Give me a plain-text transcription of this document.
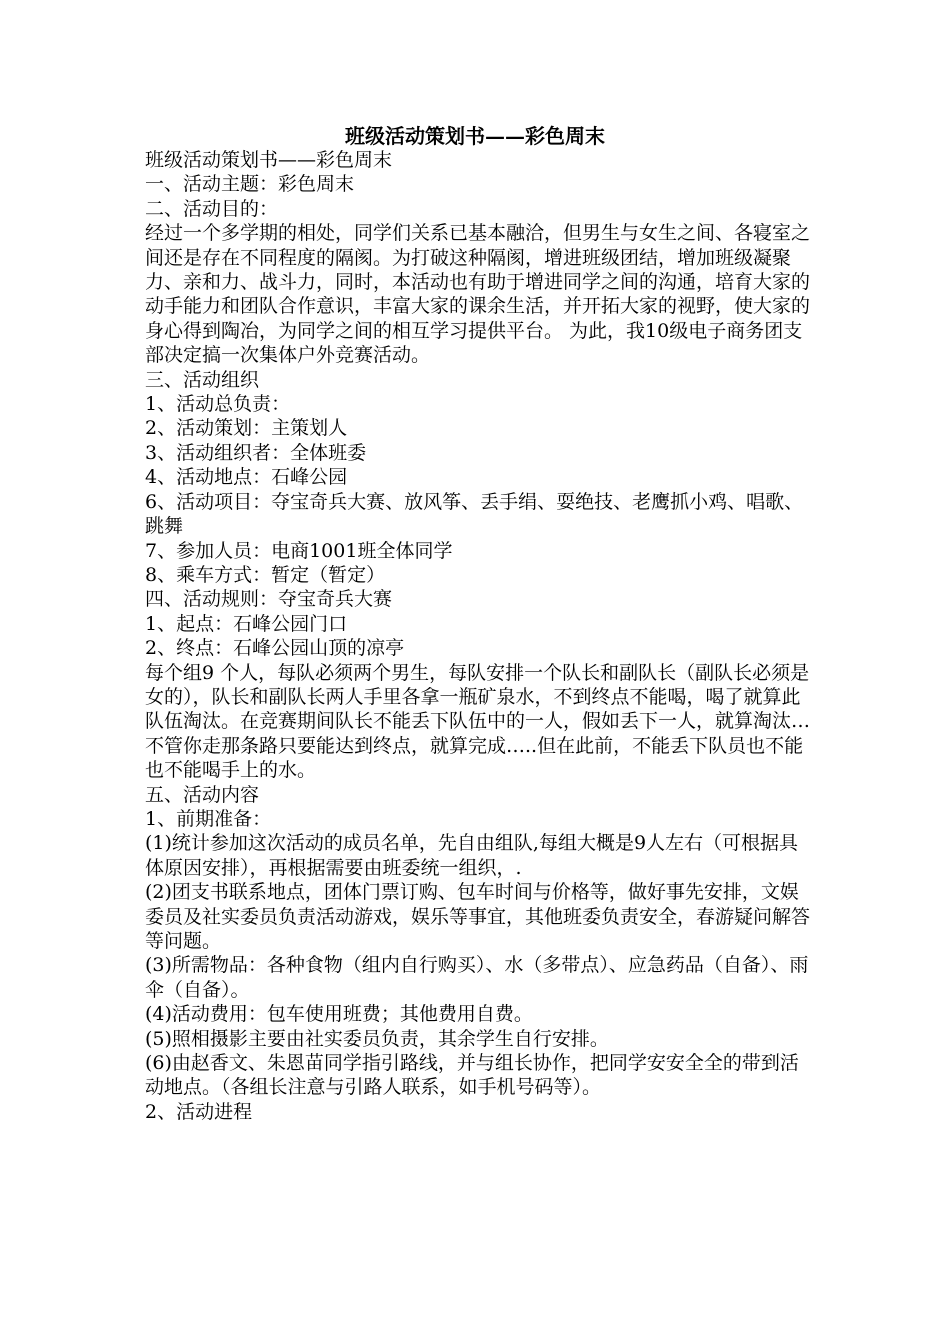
班级活动策划书——彩色周末

班级活动策划书——彩色周末

一、活动主题：彩色周末

二、活动目的：

经过一个多学期的相处，同学们关系已基本融洽，但男生与女生之间、各寝室之间还是存在不同程度的隔阂。为打破这种隔阂，增进班级团结，增加班级凝聚力、亲和力、战斗力，同时，本活动也有助于增进同学之间的沟通，培育大家的动手能力和团队合作意识，丰富大家的课余生活，并开拓大家的视野，使大家的身心得到陶冶，为同学之间的相互学习提供平台。 为此，我10级电子商务团支部决定搞一次集体户外竞赛活动。

三、活动组织

1、活动总负责：

2、活动策划：主策划人

3、活动组织者：全体班委

4、活动地点：石峰公园

6、活动项目：夺宝奇兵大赛、放风筝、丢手绢、耍绝技、老鹰抓小鸡、唱歌、跳舞

7、参加人员：电商1001班全体同学

8、乘车方式：暂定（暂定）

四、活动规则：夺宝奇兵大赛

1、起点：石峰公园门口

2、终点：石峰公园山顶的凉亭

每个组9 个人，每队必须两个男生，每队安排一个队长和副队长（副队长必须是女的），队长和副队长两人手里各拿一瓶矿泉水，不到终点不能喝，喝了就算此队伍淘汰。在竞赛期间队长不能丢下队伍中的一人，假如丢下一人，就算淘汰…不管你走那条路只要能达到终点，就算完成…..但在此前，不能丢下队员也不能也不能喝手上的水。

五、活动内容

1、前期准备：

(1)统计参加这次活动的成员名单，先自由组队,每组大概是9人左右（可根据具体原因安排），再根据需要由班委统一组织，.

(2)团支书联系地点，团体门票订购、包车时间与价格等，做好事先安排，文娱委员及社实委员负责活动游戏，娱乐等事宜，其他班委负责安全，春游疑问解答等问题。

(3)所需物品：各种食物（组内自行购买）、水（多带点）、应急药品（自备）、雨伞（自备）。

(4)活动费用：包车使用班费；其他费用自费。

(5)照相摄影主要由社实委员负责，其余学生自行安排。

(6)由赵香文、朱恩苗同学指引路线，并与组长协作，把同学安安全全的带到活动地点。（各组长注意与引路人联系，如手机号码等）。

2、活动进程
